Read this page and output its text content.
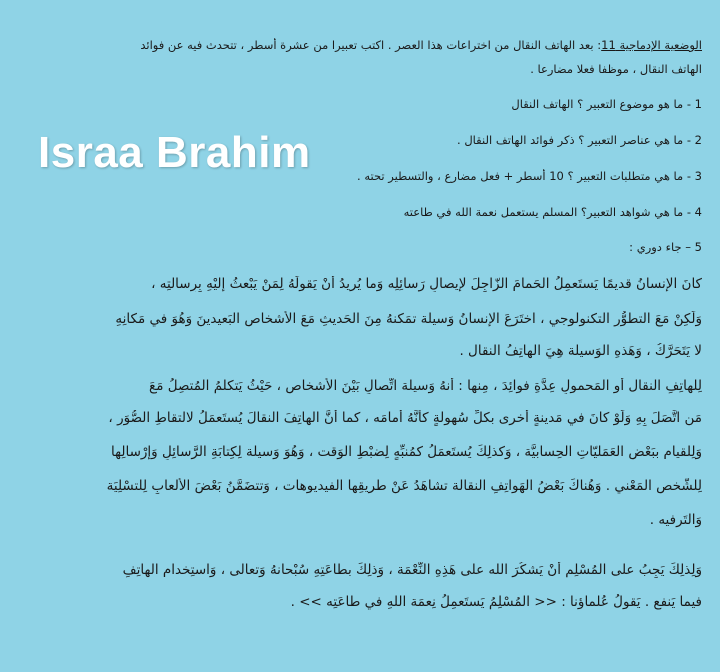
الوضعية الإدماجية 11: بعد الهاتف النقال من اختراعات هذا العصر . اكتب تعبيرا من عشرة أسطر ، تتحدث فيه عن فوائد
الهاتف النقال ، موظفا فعلا مضارعا .
1 - ما هو موضوع التعبير ؟ الهاتف النقال
2 - ما هي عناصر التعبير ؟ ذكر فوائد الهاتف النقال .
3 - ما هي متطلبات التعبير ؟ 10 أسطر + فعل مضارع ، والتسطير تحته .
4 - ما هي شواهد التعبير؟ المسلم يستعمل نعمة الله في طاعته
5 – جاء دوري :
كانَ الإنسانُ قديمًا يَستَعمِلُ الحَمامَ الزّاجِلَ لإيصالِ رَسائِلِه وَما يُريدُ أنْ يَقولَهُ لِمَنْ يَبْعثُ إليْهِ بِرِسالتِه ،
وَلَكِنْ مَعَ التطوُّرِ التكنولوجي ، اختَرَعَ الإنسانُ وَسيلة تمَكنهُ مِنَ الحَديثِ مَعَ الأشخاصِ البَعيدينَ وَهُوَ في مَكانِهِ
لا يَتَحَرَّكُ ، وَهَذهِ الوَسيلة هِيَ الهاتِفُ النقال .
لِلهاتِفِ النقال أو المَحمولِ عِدَّةِ فوائِدَ ، مِنها : أنهُ وَسيلة اتِّصالٍ بَيْنَ الأشخاص ، حَيْثُ يَتكلمُ المُتصِلُ مَعَ
مَن اتَّصَلَ بِهِ وَلَوْ كانَ في مَدينةٍ أخرى بكلِّ سُهولةٍ كأنَّهُ أمامَه ، كما أنَّ الهاتِفَ النقالَ يُستَعمَلُ لالتقاطِ الصُّوَرِ ،
وَلِلقيامِ ببَعْضِ العَمَليّاتِ الحِسابيَّة ، وَكذلِكَ يُستَعمَلُ كمُنبِّهٍ لِضبْطِ الوَقت ، وَهُوَ وَسيلة لِكِتابَةِ الرَّسائِلِ وَإرْسالِها
لِلشَّخصِ المَعْني . وَهُناكَ بَعْضُ الهَواتِفِ النقالة تشاهَدُ عَنْ طريقِها الفيديوهات ، وَتتضَمَّنُ بَعْضَ الألعابِ لِلتسْلِيَة
وَالتَرفيه .
وَلِذلِكَ يَجِبُ على المُسْلِمِ أنْ يَشكُرَ الله على هَذِهِ النِّعْمَة ، وَذلِكَ بطاعَتِهِ سُبْحانهُ وَتعالى ، وَاستِخدامِ الهاتِفِ
فيما يَنفع . يَقولُ عُلماؤنا : << المُسْلِمُ يَستَعمِلُ نِعمَة اللهِ في طاعَتِه >> .
Israa Brahim
